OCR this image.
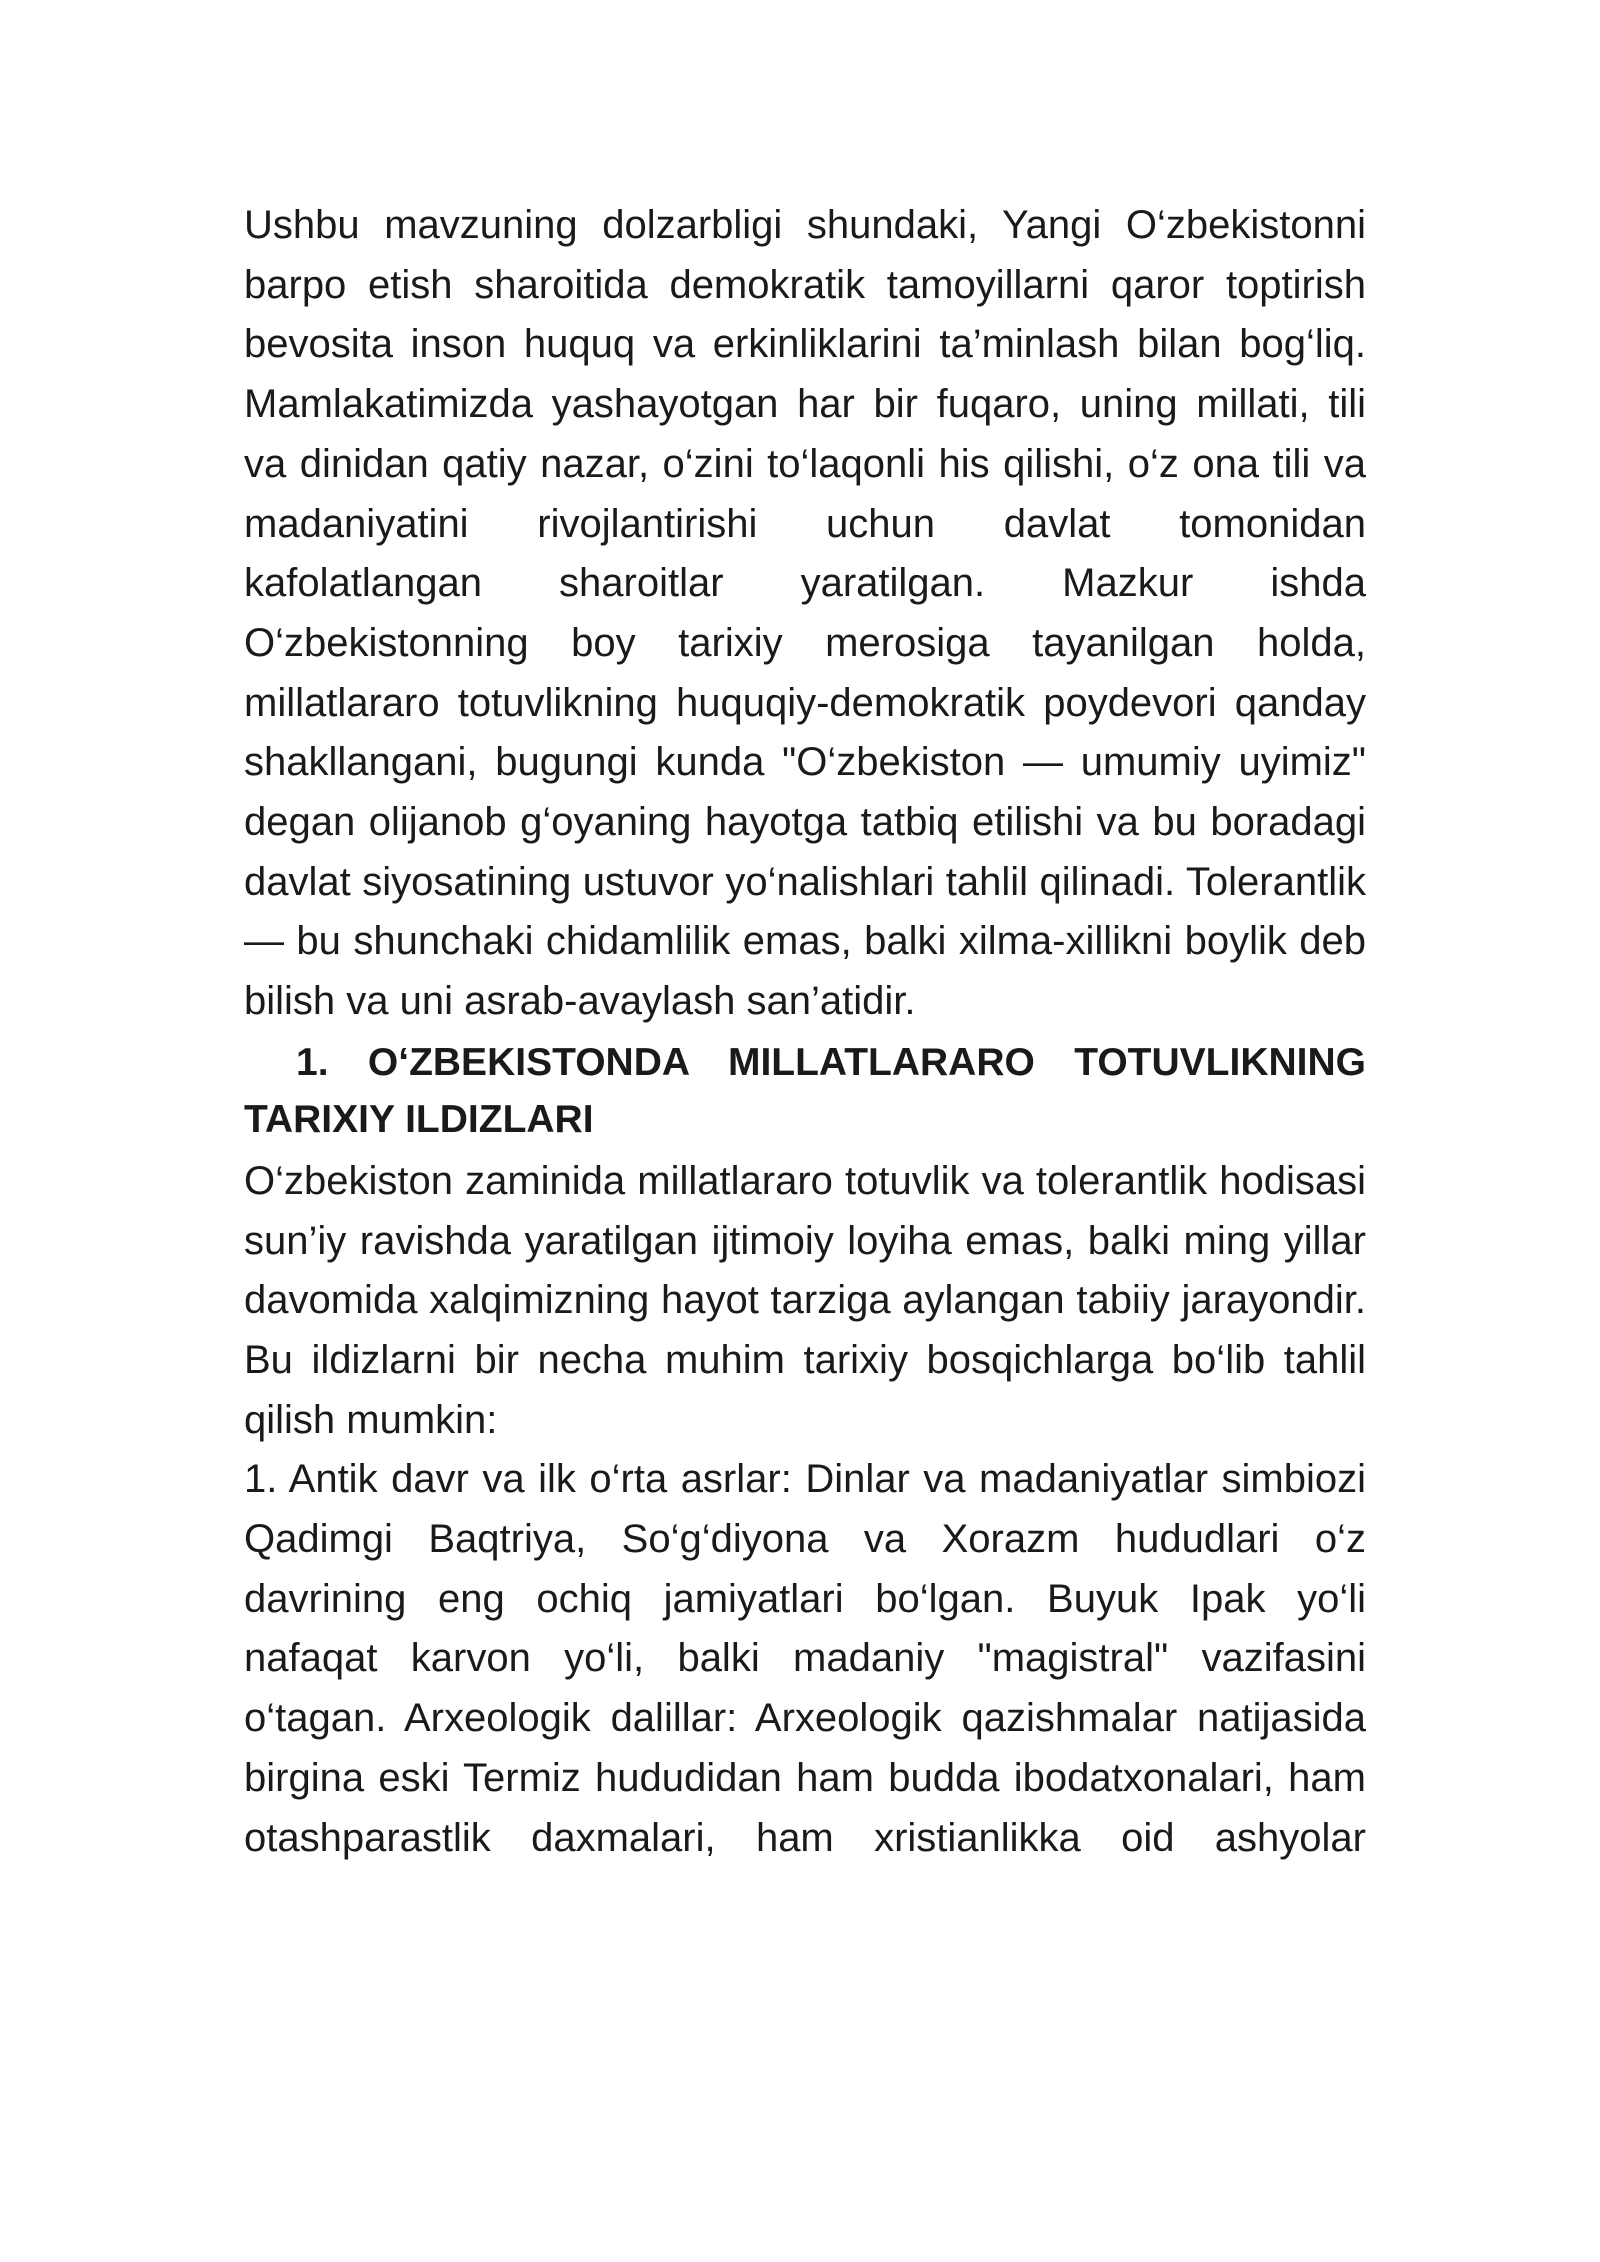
Ushbu mavzuning dolzarbligi shundaki, Yangi O‘zbekistonni barpo etish sharoitida demokratik tamoyillarni qaror toptirish bevosita inson huquq va erkinliklarini ta’minlash bilan bog‘liq. Mamlakatimizda yashayotgan har bir fuqaro, uning millati, tili va dinidan qatiy nazar, o‘zini to‘laqonli his qilishi, o‘z ona tili va madaniyatini rivojlantirishi uchun davlat tomonidan kafolatlangan sharoitlar yaratilgan. Mazkur ishda O‘zbekistonning boy tarixiy merosiga tayanilgan holda, millatlararo totuvlikning huquqiy-demokratik poydevori qanday shakllangani, bugungi kunda "O‘zbekiston — umumiy uyimiz" degan olijanob g‘oyaning hayotga tatbiq etilishi va bu boradagi davlat siyosatining ustuvor yo‘nalishlari tahlil qilinadi. Tolerantlik — bu shunchaki chidamlilik emas, balki xilma-xillikni boylik deb bilish va uni asrab-avaylash san’atidir.

1. O‘ZBEKISTONDA MILLATLARARO TOTUVLIKNING TARIXIY ILDIZLARI

O‘zbekiston zaminida millatlararo totuvlik va tolerantlik hodisasi sun’iy ravishda yaratilgan ijtimoiy loyiha emas, balki ming yillar davomida xalqimizning hayot tarziga aylangan tabiiy jarayondir. Bu ildizlarni bir necha muhim tarixiy bosqichlarga bo‘lib tahlil qilish mumkin:

1. Antik davr va ilk o‘rta asrlar: Dinlar va madaniyatlar simbiozi Qadimgi Baqtriya, So‘g‘diyona va Xorazm hududlari o‘z davrining eng ochiq jamiyatlari bo‘lgan. Buyuk Ipak yo‘li nafaqat karvon yo‘li, balki madaniy "magistral" vazifasini o‘tagan. Arxeologik dalillar: Arxeologik qazishmalar natijasida birgina eski Termiz hududidan ham budda ibodatxonalari, ham otashparastlik daxmalari, ham xristianlikka oid ashyolar
